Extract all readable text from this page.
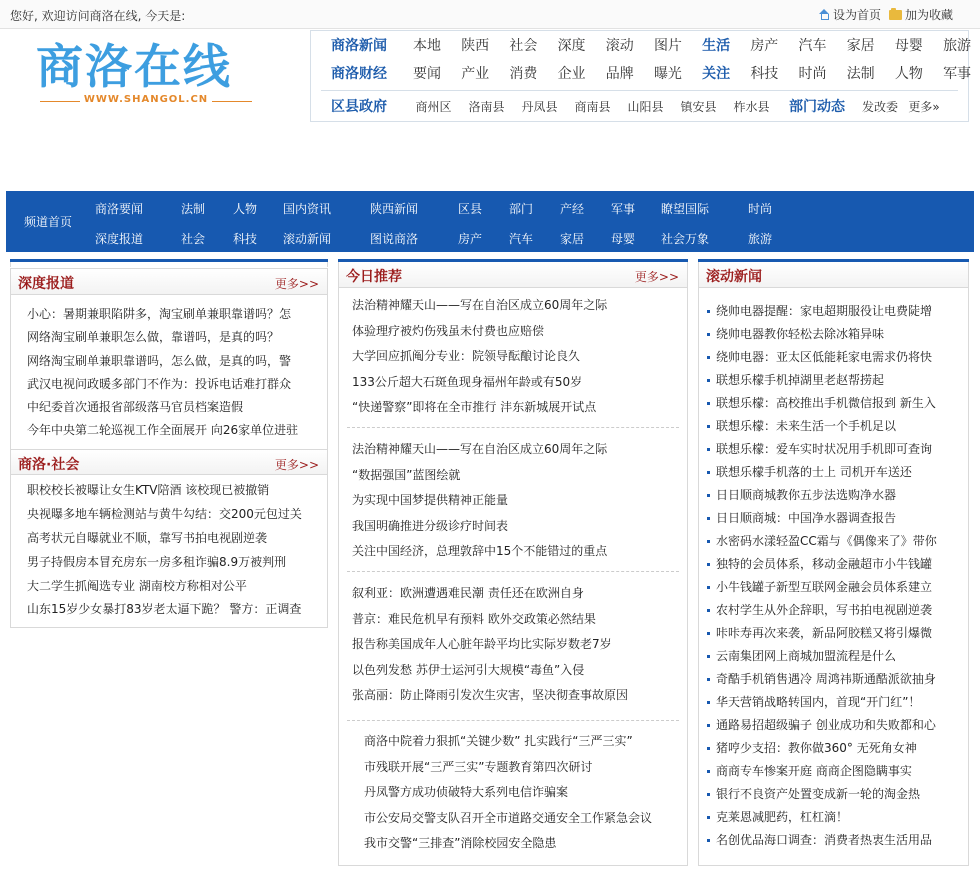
您好, 欢迎访问商洛在线, 今天是:	设为首页 加为收藏
商洛在线
WWW.SHANGOL.CN
商洛新闻	本地	陕西	社会	深度	滚动	图片	生活	房产	汽车	家居	母婴	旅游
商洛财经	要闻	产业	消费	企业	品牌	曝光	关注	科技	时尚	法制	人物	军事
区县政府	商州区	洛南县	丹凤县	商南县	山阳县	镇安县	柞水县	部门动态	发改委 更多»
频道首页
商洛要闻	法制 人物 国内资讯	陕西新闻	区县 部门 产经 军事 瞭望国际	时尚
深度报道	社会 科技 滚动新闻	图说商洛	房产 汽车 家居 母婴 社会万象	旅游
深度报道	更多>>
小心：暑期兼职陷阱多，淘宝刷单兼职靠谱吗？怎
网络淘宝刷单兼职怎么做，靠谱吗，是真的吗？
网络淘宝刷单兼职靠谱吗，怎么做，是真的吗，警
武汉电视问政暖多部门不作为：投诉电话难打群众
中纪委首次通报省部级落马官员档案造假
今年中央第二轮巡视工作全面展开 向26家单位进驻
商洛·社会	更多>>
职校校长被曝让女生KTV陪酒 该校现已被撤销
央视曝多地车辆检测站与黄牛勾结：交200元包过关
高考状元自曝就业不顺，靠写书拍电视剧逆袭
男子持假房本冒充房东一房多租诈骗8.9万被判刑
大二学生抓阄选专业 湖南校方称相对公平
山东15岁少女暴打83岁老太逼下跪？ 警方：正调查
今日推荐	更多>>
法治精神耀天山——写在自治区成立60周年之际
体验理疗被灼伤残虽未付费也应赔偿
大学回应抓阄分专业：院领导酝酿讨论良久
133公斤超大石斑鱼现身福州年龄或有50岁
“快递警察”即将在全市推行 沣东新城展开试点
法治精神耀天山——写在自治区成立60周年之际
“数据强国”蓝图绘就
为实现中国梦提供精神正能量
我国明确推进分级诊疗时间表
关注中国经济，总理敦辞中15个不能错过的重点
叙利亚：欧洲遭遇难民潮 责任还在欧洲自身
普京：难民危机早有预料 欧外交政策必然结果
报告称美国成年人心脏年龄平均比实际岁数老7岁
以色列发愁 苏伊士运河引大规模“毒鱼”入侵
张高丽：防止降雨引发次生灾害，坚决彻查事故原因
商洛中院着力狠抓“关键少数” 扎实践行“三严三实”
市残联开展“三严三实”专题教育第四次研讨
丹凤警方成功侦破特大系列电信诈骗案
市公安局交警支队召开全市道路交通安全工作紧急会议
我市交警“三排查”消除校园安全隐患
滚动新闻
绕帅电器提醒：家电超期服役让电费陡增
绕帅电器教你轻松去除冰箱异味
绕帅电器：亚太区低能耗家电需求仍将快
联想乐檬手机掉湖里老赵帮捞起
联想乐檬：高校推出手机微信报到 新生入
联想乐檬：未来生活一个手机足以
联想乐檬：爱车实时状况用手机即可查询
联想乐檬手机落的士上 司机开车送还
日日顺商城教你五步法选购净水器
日日顺商城：中国净水器调查报告
水密码水漾轻盈CC霜与《偶像来了》带你
独特的会员体系，移动金融超市小牛钱罐
小牛钱罐子新型互联网金融会员体系建立
农村学生从外企辞职，写书拍电视剧逆袭
咔咔寿再次来袭，新品阿胶糕又将引爆微
云南集团网上商城加盟流程是什么
奇酷手机销售遇冷 周鸿祎斯通酷派欲抽身
华天营销战略转国内，首现“开门红”！
通路易招超级骗子 创业成功和失败都和心
猪哼少支招：教你做360° 无死角女神
商商专车惨案开庭 商商企图隐瞒事实
银行不良资产处置变成新一轮的淘金热
克莱恩减肥药，杠杠滴！
名创优品海口调查：消费者热衷生活用品
